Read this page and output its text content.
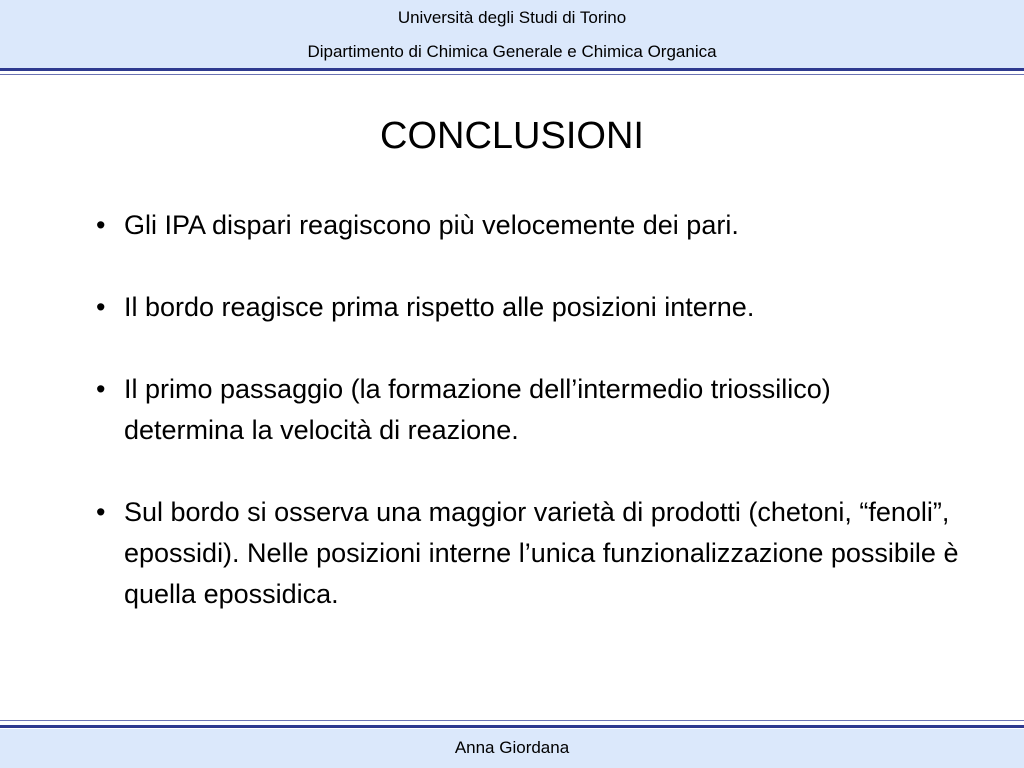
Università degli Studi di Torino
Dipartimento di Chimica Generale e Chimica Organica
CONCLUSIONI
• Gli IPA dispari reagiscono più velocemente dei pari.
• Il bordo reagisce prima rispetto alle posizioni interne.
• Il primo passaggio (la formazione dell’intermedio triossilico) determina la velocità di reazione.
• Sul bordo si osserva una maggior varietà di prodotti (chetoni, “fenoli”, epossidi). Nelle posizioni interne l’unica funzionalizzazione possibile è quella epossidica.
Anna Giordana
